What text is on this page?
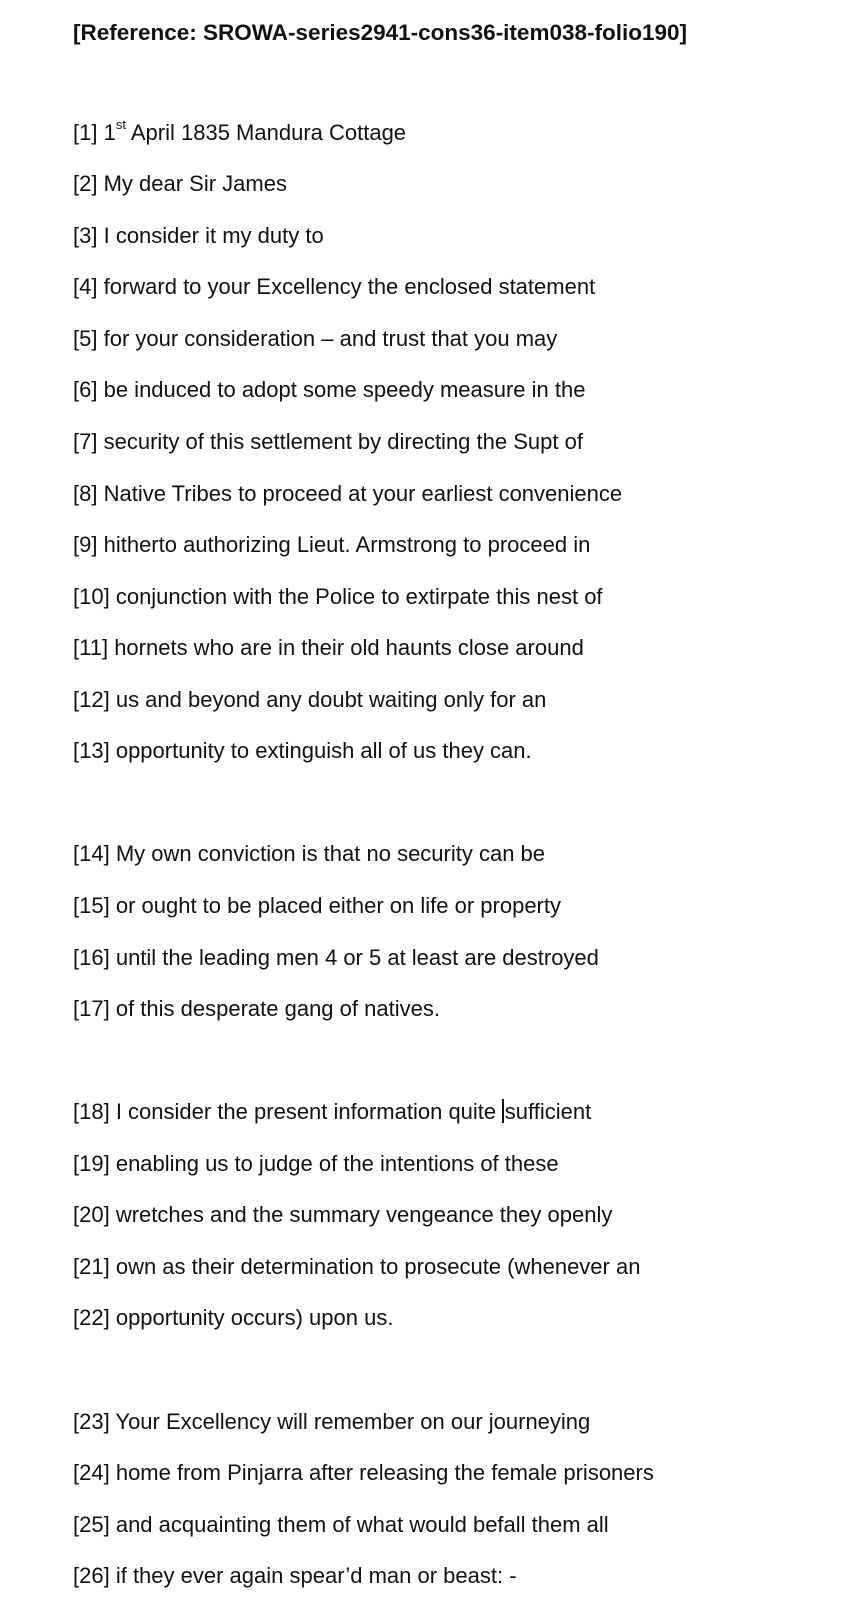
[Reference: SROWA-series2941-cons36-item038-folio190]
[1] 1st April 1835 Mandura Cottage
[2] My dear Sir James
[3] I consider it my duty to
[4] forward to your Excellency the enclosed statement
[5] for your consideration – and trust that you may
[6] be induced to adopt some speedy measure in the
[7] security of this settlement by directing the Supt of
[8] Native Tribes to proceed at your earliest convenience
[9] hitherto authorizing Lieut. Armstrong to proceed in
[10] conjunction with the Police to extirpate this nest of
[11] hornets who are in their old haunts close around
[12] us and beyond any doubt waiting only for an
[13] opportunity to extinguish all of us they can.
[14] My own conviction is that no security can be
[15] or ought to be placed either on life or property
[16] until the leading men 4 or 5 at least are destroyed
[17] of this desperate gang of natives.
[18] I consider the present information quite sufficient
[19] enabling us to judge of the intentions of these
[20] wretches and the summary vengeance they openly
[21] own as their determination to prosecute (whenever an
[22] opportunity occurs) upon us.
[23] Your Excellency will remember on our journeying
[24] home from Pinjarra after releasing the female prisoners
[25] and acquainting them of what would befall them all
[26] if they ever again spear’d man or beast: -
